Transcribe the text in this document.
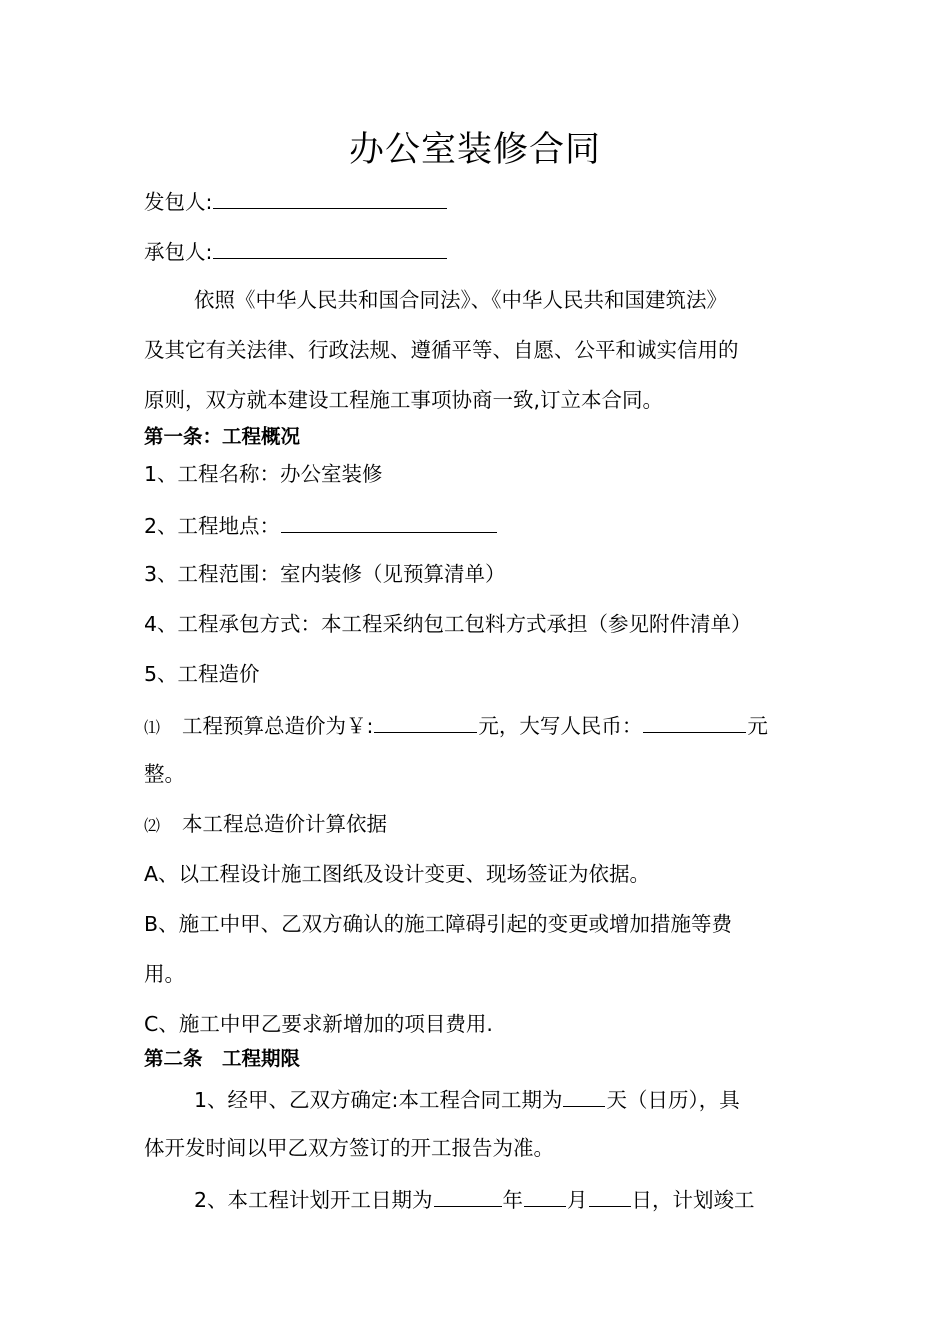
办公室装修合同
发包人:
承包人:
依照《中华人民共和国合同法》、《中华人民共和国建筑法》
及其它有关法律、行政法规、遵循平等、自愿、公平和诚实信用的
原则，双方就本建设工程施工事项协商一致,订立本合同。
第一条：工程概况
1、工程名称：办公室装修
2、工程地点：
3、工程范围：室内装修（见预算清单）
4、工程承包方式：本工程采纳包工包料方式承担（参见附件清单）
5、工程造价
⑴ 工程预算总造价为￥:	元，大写人民币：	元
整。
⑵ 本工程总造价计算依据
A、以工程设计施工图纸及设计变更、现场签证为依据。
B、施工中甲、乙双方确认的施工障碍引起的变更或增加措施等费
用。
C、施工中甲乙要求新增加的项目费用.
第二条　工程期限
1、经甲、乙双方确定:本工程合同工期为 天（日历），具
体开发时间以甲乙双方签订的开工报告为准。
2、本工程计划开工日期为	年 月 日，计划竣工
